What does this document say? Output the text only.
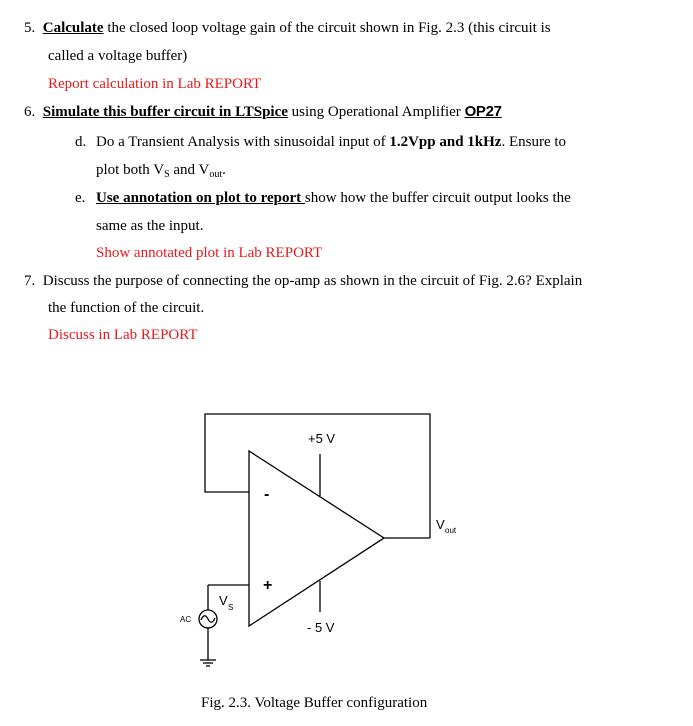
5. Calculate the closed loop voltage gain of the circuit shown in Fig. 2.3 (this circuit is
called a voltage buffer)
Report calculation in Lab REPORT
6. Simulate this buffer circuit in LTSpice using Operational Amplifier OP27
d. Do a Transient Analysis with sinusoidal input of 1.2Vpp and 1kHz. Ensure to
plot both $V_S$ and $V_{out}$.
e. Use annotation on plot to report show how the buffer circuit output looks the
same as the input.
Show annotated plot in Lab REPORT
7. Discuss the purpose of connecting the op-amp as shown in the circuit of Fig. 2.6? Explain
the function of the circuit.
Discuss in Lab REPORT
+5 V
- 5 V
-
+
V out
V S
AC
Fig. 2.3. Voltage Buffer configuration
